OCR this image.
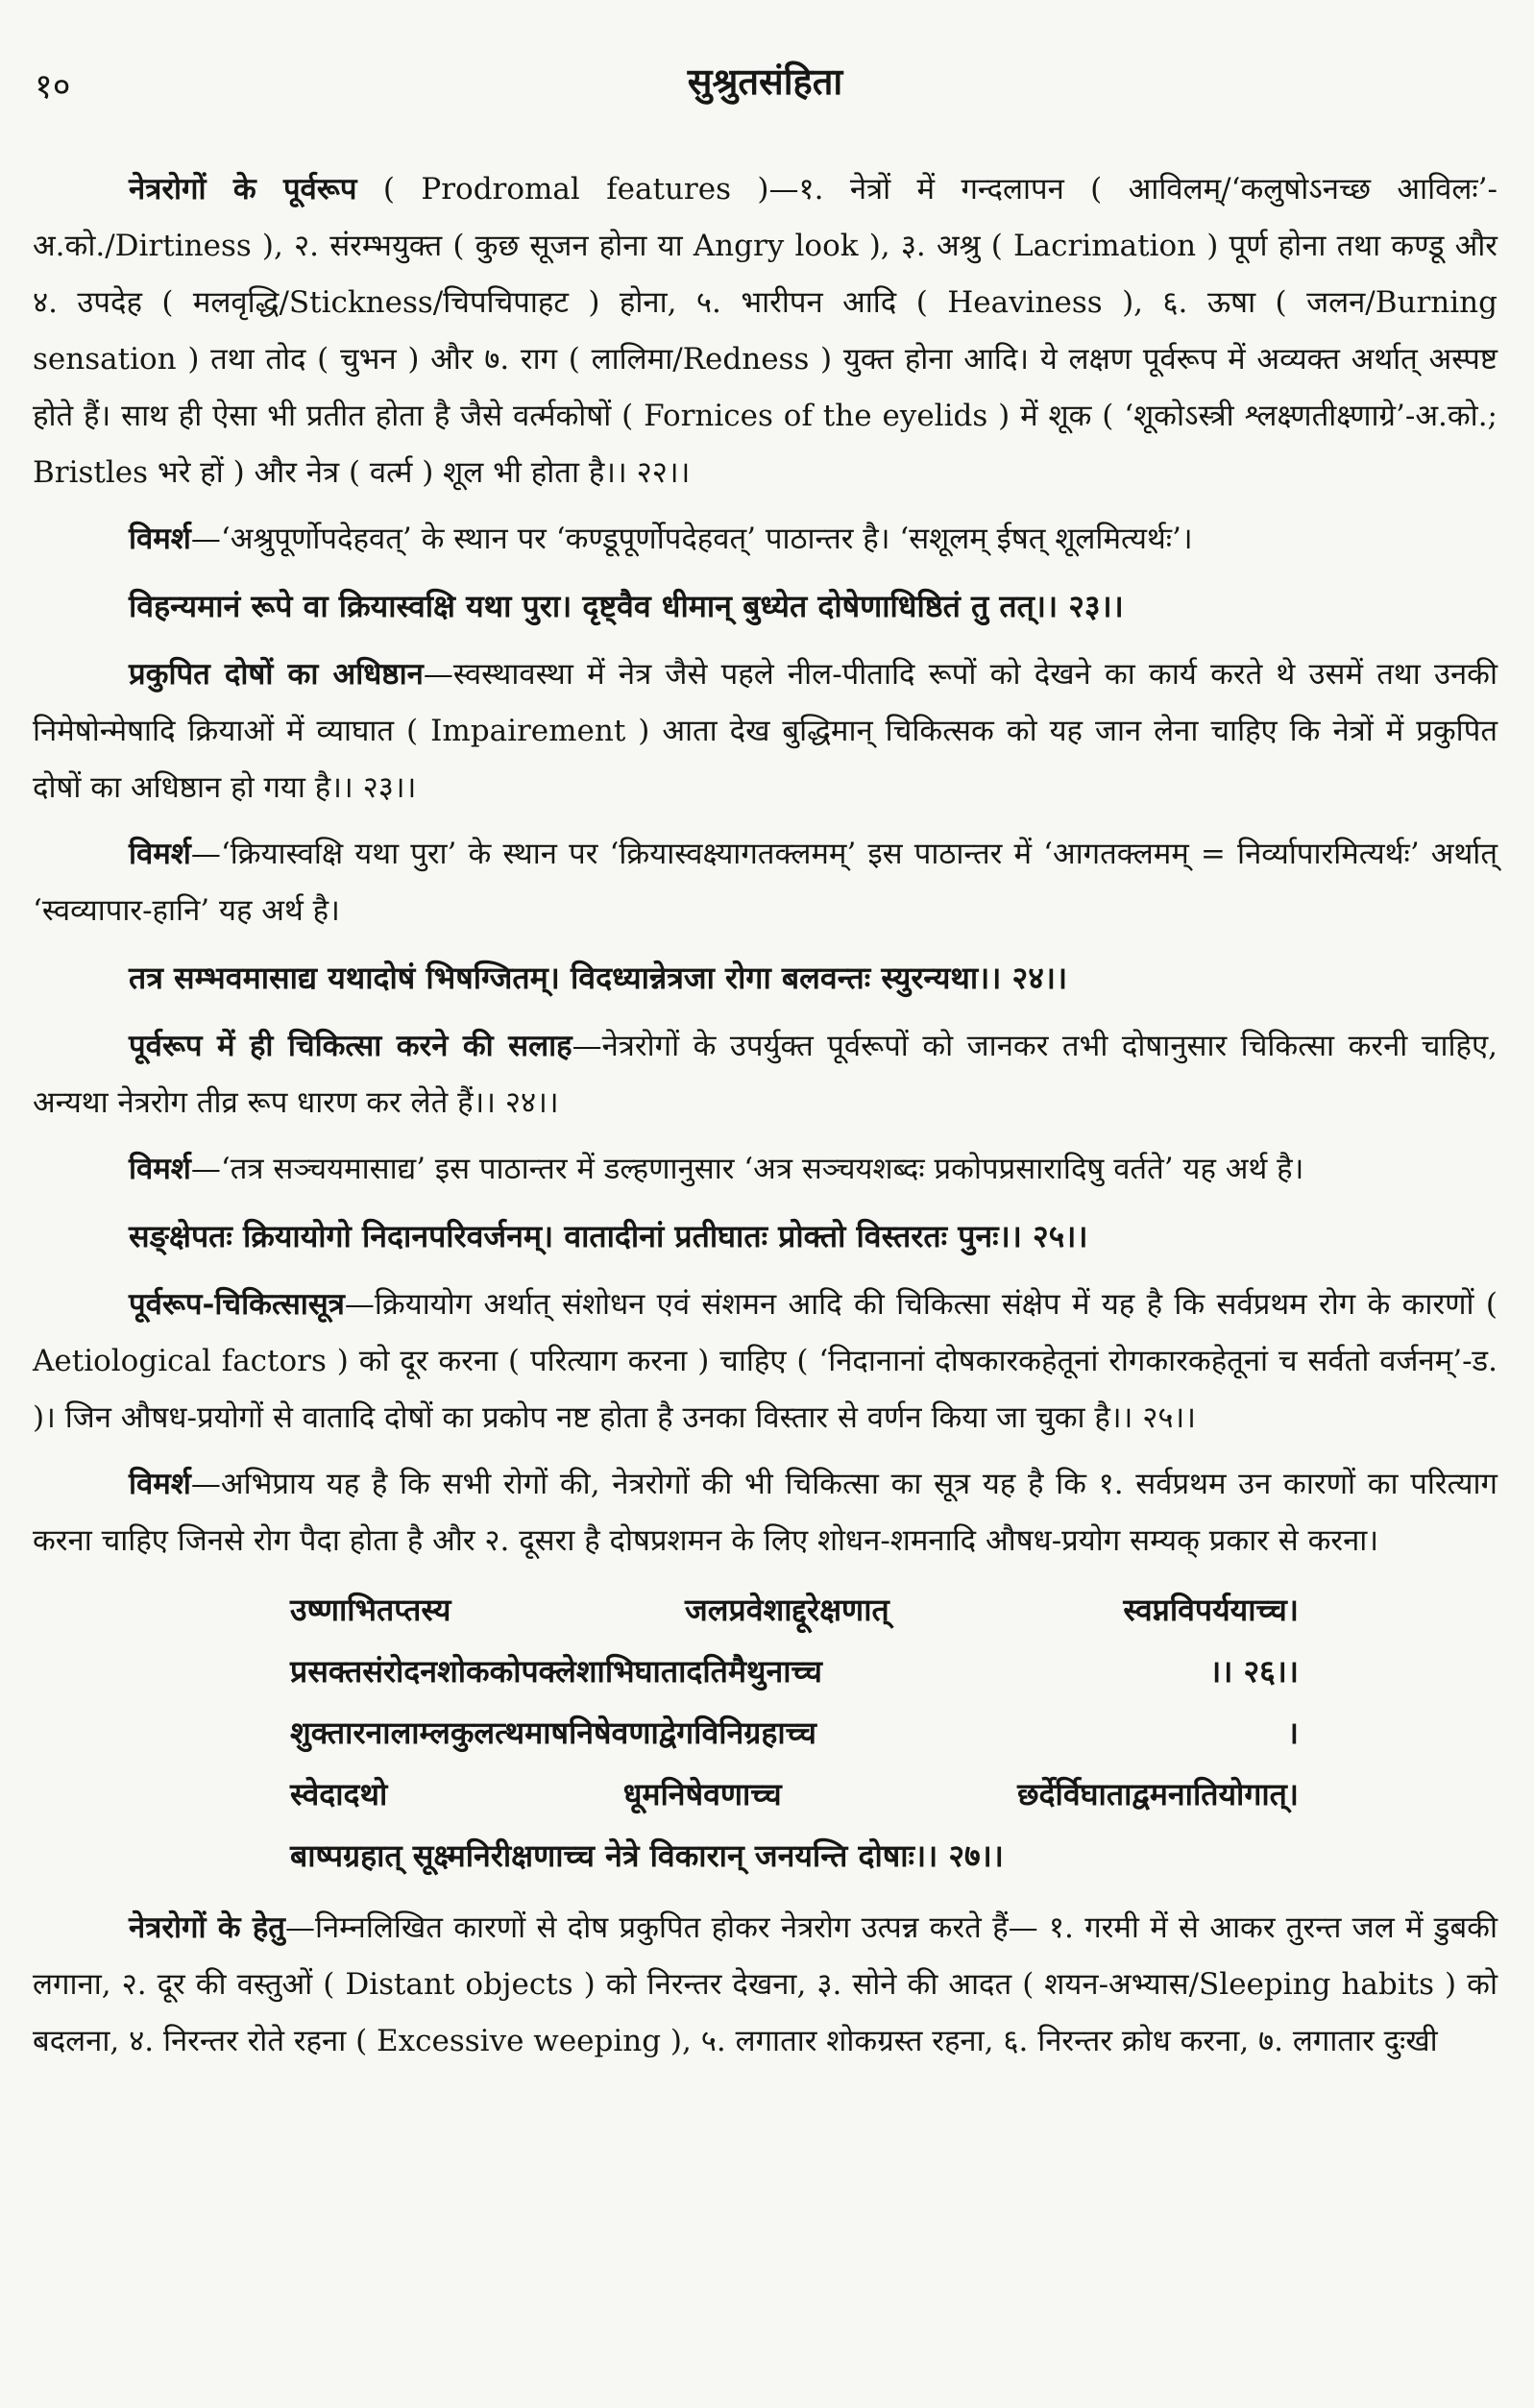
१०	सुश्रुतसंहिता

नेत्ररोगों के पूर्वरूप ( Prodromal features )—१. नेत्रों में गन्दलापन ( आविलम्/‘कलुषोऽनच्छ आविलः’-अ.को./Dirtiness ), २. संरम्भयुक्त ( कुछ सूजन होना या Angry look ), ३. अश्रु ( Lacrimation ) पूर्ण होना तथा कण्डू और ४. उपदेह ( मलवृद्धि/Stickness/चिपचिपाहट ) होना, ५. भारीपन आदि ( Heaviness ), ६. ऊषा ( जलन/Burning sensation ) तथा तोद ( चुभन ) और ७. राग ( लालिमा/Redness ) युक्त होना आदि। ये लक्षण पूर्वरूप में अव्यक्त अर्थात् अस्पष्ट होते हैं। साथ ही ऐसा भी प्रतीत होता है जैसे वर्त्मकोषों ( Fornices of the eyelids ) में शूक ( ‘शूकोऽस्त्री श्लक्ष्णतीक्ष्णाग्रे’-अ.को.; Bristles भरे हों ) और नेत्र ( वर्त्म ) शूल भी होता है।। २२।।

विमर्श—‘अश्रुपूर्णोपदेहवत्’ के स्थान पर ‘कण्डूपूर्णोपदेहवत्’ पाठान्तर है। ‘सशूलम् ईषत् शूलमित्यर्थः’।

विहन्यमानं रूपे वा क्रियास्वक्षि यथा पुरा। दृष्ट्वैव धीमान् बुध्येत दोषेणाधिष्ठितं तु तत्।। २३।।

प्रकुपित दोषों का अधिष्ठान—स्वस्थावस्था में नेत्र जैसे पहले नील-पीतादि रूपों को देखने का कार्य करते थे उसमें तथा उनकी निमेषोन्मेषादि क्रियाओं में व्याघात ( Impairement ) आता देख बुद्धिमान् चिकित्सक को यह जान लेना चाहिए कि नेत्रों में प्रकुपित दोषों का अधिष्ठान हो गया है।। २३।।

विमर्श—‘क्रियास्वक्षि यथा पुरा’ के स्थान पर ‘क्रियास्वक्ष्यागतक्लमम्’ इस पाठान्तर में ‘आगतक्लमम् = निर्व्यापारमित्यर्थः’ अर्थात् ‘स्वव्यापार-हानि’ यह अर्थ है।

तत्र सम्भवमासाद्य यथादोषं भिषग्जितम्। विदध्यान्नेत्रजा रोगा बलवन्तः स्युरन्यथा।। २४।।

पूर्वरूप में ही चिकित्सा करने की सलाह—नेत्ररोगों के उपर्युक्त पूर्वरूपों को जानकर तभी दोषानुसार चिकित्सा करनी चाहिए, अन्यथा नेत्ररोग तीव्र रूप धारण कर लेते हैं।। २४।।

विमर्श—‘तत्र सञ्चयमासाद्य’ इस पाठान्तर में डल्हणानुसार ‘अत्र सञ्चयशब्दः प्रकोपप्रसारादिषु वर्तते’ यह अर्थ है।

सङ्क्षेपतः क्रियायोगो निदानपरिवर्जनम्। वातादीनां प्रतीघातः प्रोक्तो विस्तरतः पुनः।। २५।।

पूर्वरूप-चिकित्सासूत्र—क्रियायोग अर्थात् संशोधन एवं संशमन आदि की चिकित्सा संक्षेप में यह है कि सर्वप्रथम रोग के कारणों ( Aetiological factors ) को दूर करना ( परित्याग करना ) चाहिए ( ‘निदानानां दोषकारकहेतूनां रोगकारकहेतूनां च सर्वतो वर्जनम्’-ड. )। जिन औषध-प्रयोगों से वातादि दोषों का प्रकोप नष्ट होता है उनका विस्तार से वर्णन किया जा चुका है।। २५।।

विमर्श—अभिप्राय यह है कि सभी रोगों की, नेत्ररोगों की भी चिकित्सा का सूत्र यह है कि १. सर्वप्रथम उन कारणों का परित्याग करना चाहिए जिनसे रोग पैदा होता है और २. दूसरा है दोषप्रशमन के लिए शोधन-शमनादि औषध-प्रयोग सम्यक् प्रकार से करना।

उष्णाभितप्तस्य	जलप्रवेशाद्दूरेक्षणात्	स्वप्नविपर्ययाच्च।
प्रसक्तसंरोदनशोककोपक्लेशाभिघातादतिमैथुनाच्च	।। २६।।
शुक्तारनालाम्लकुलत्थमाषनिषेवणाद्वेगविनिग्रहाच्च	।
स्वेदादथो	धूमनिषेवणाच्च	छर्देर्विघाताद्वमनातियोगात्।
बाष्पग्रहात् सूक्ष्मनिरीक्षणाच्च नेत्रे विकारान् जनयन्ति दोषाः।। २७।।

नेत्ररोगों के हेतु—निम्नलिखित कारणों से दोष प्रकुपित होकर नेत्ररोग उत्पन्न करते हैं— १. गरमी में से आकर तुरन्त जल में डुबकी लगाना, २. दूर की वस्तुओं ( Distant objects ) को निरन्तर देखना, ३. सोने की आदत ( शयन-अभ्यास/Sleeping habits ) को बदलना, ४. निरन्तर रोते रहना ( Excessive weeping ), ५. लगातार शोकग्रस्त रहना, ६. निरन्तर क्रोध करना, ७. लगातार दुःखी
